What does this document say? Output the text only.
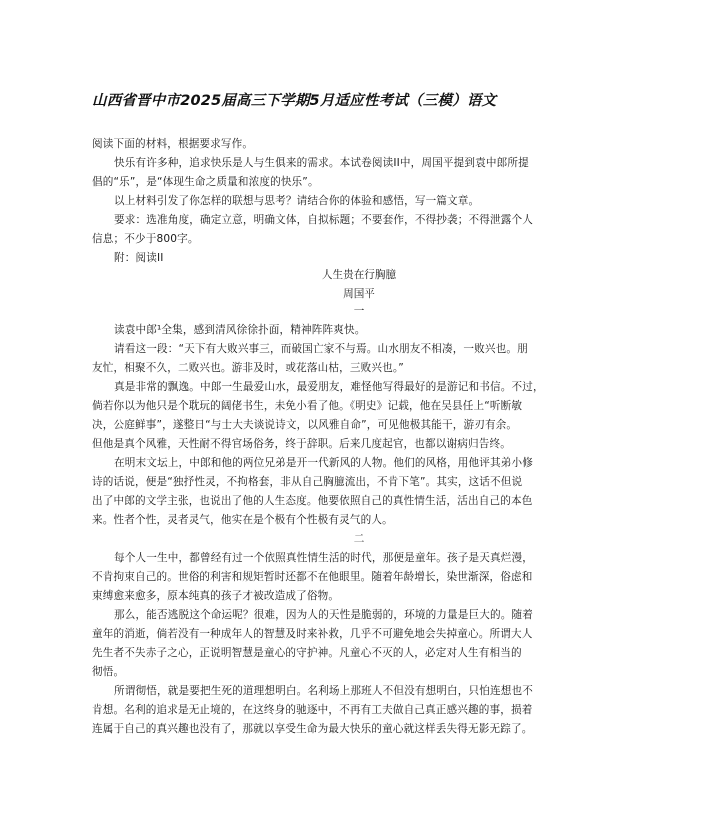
山西省晋中市2025届高三下学期5月适应性考试（三模）语文
阅读下面的材料，根据要求写作。
快乐有许多种，追求快乐是人与生俱来的需求。本试卷阅读II中，周国平提到袁中郎所提
倡的“乐”，是“体现生命之质量和浓度的快乐”。
以上材料引发了你怎样的联想与思考？请结合你的体验和感悟，写一篇文章。
要求：选准角度，确定立意，明确文体，自拟标题；不要套作，不得抄袭；不得泄露个人
信息；不少于800字。
附：阅读II
人生贵在行胸臆
周国平
一
读袁中郎¹全集，感到清风徐徐扑面，精神阵阵爽快。
请看这一段：“天下有大败兴事三，而破国亡家不与焉。山水朋友不相凑，一败兴也。朋
友忙，相聚不久，二败兴也。游非及时，或花落山枯，三败兴也。”
真是非常的飘逸。中郎一生最爱山水，最爱朋友，难怪他写得最好的是游记和书信。不过，
倘若你以为他只是个耽玩的阔佬书生，未免小看了他。《明史》记载，他在吴县任上“听断敏
决，公庭鲜事”，遂整日“与士大夫谈说诗文，以风雅自命”，可见他极其能干，游刃有余。
但他是真个风雅，天性耐不得官场俗务，终于辞职。后来几度起官，也都以谢病归告终。
在明末文坛上，中郎和他的两位兄弟是开一代新风的人物。他们的风格，用他评其弟小修
诗的话说，便是“独抒性灵，不拘格套，非从自己胸臆流出，不肯下笔”。其实，这话不但说
出了中郎的文学主张，也说出了他的人生态度。他要依照自己的真性情生活，活出自己的本色
来。性者个性，灵者灵气，他实在是个极有个性极有灵气的人。
二
每个人一生中，都曾经有过一个依照真性情生活的时代，那便是童年。孩子是天真烂漫，
不肯拘束自己的。世俗的利害和规矩暂时还都不在他眼里。随着年龄增长，染世渐深，俗虑和
束缚愈来愈多，原本纯真的孩子才被改造成了俗物。
那么，能否逃脱这个命运呢？很难，因为人的天性是脆弱的，环境的力量是巨大的。随着
童年的消逝，倘若没有一种成年人的智慧及时来补救，几乎不可避免地会失掉童心。所谓大人
先生者不失赤子之心，正说明智慧是童心的守护神。凡童心不灭的人，必定对人生有相当的
彻悟。
所谓彻悟，就是要把生死的道理想明白。名利场上那班人不但没有想明白，只怕连想也不
肯想。名利的追求是无止境的，在这终身的驰逐中，不再有工夫做自己真正感兴趣的事，损着
连属于自己的真兴趣也没有了，那就以享受生命为最大快乐的童心就这样丢失得无影无踪了。
